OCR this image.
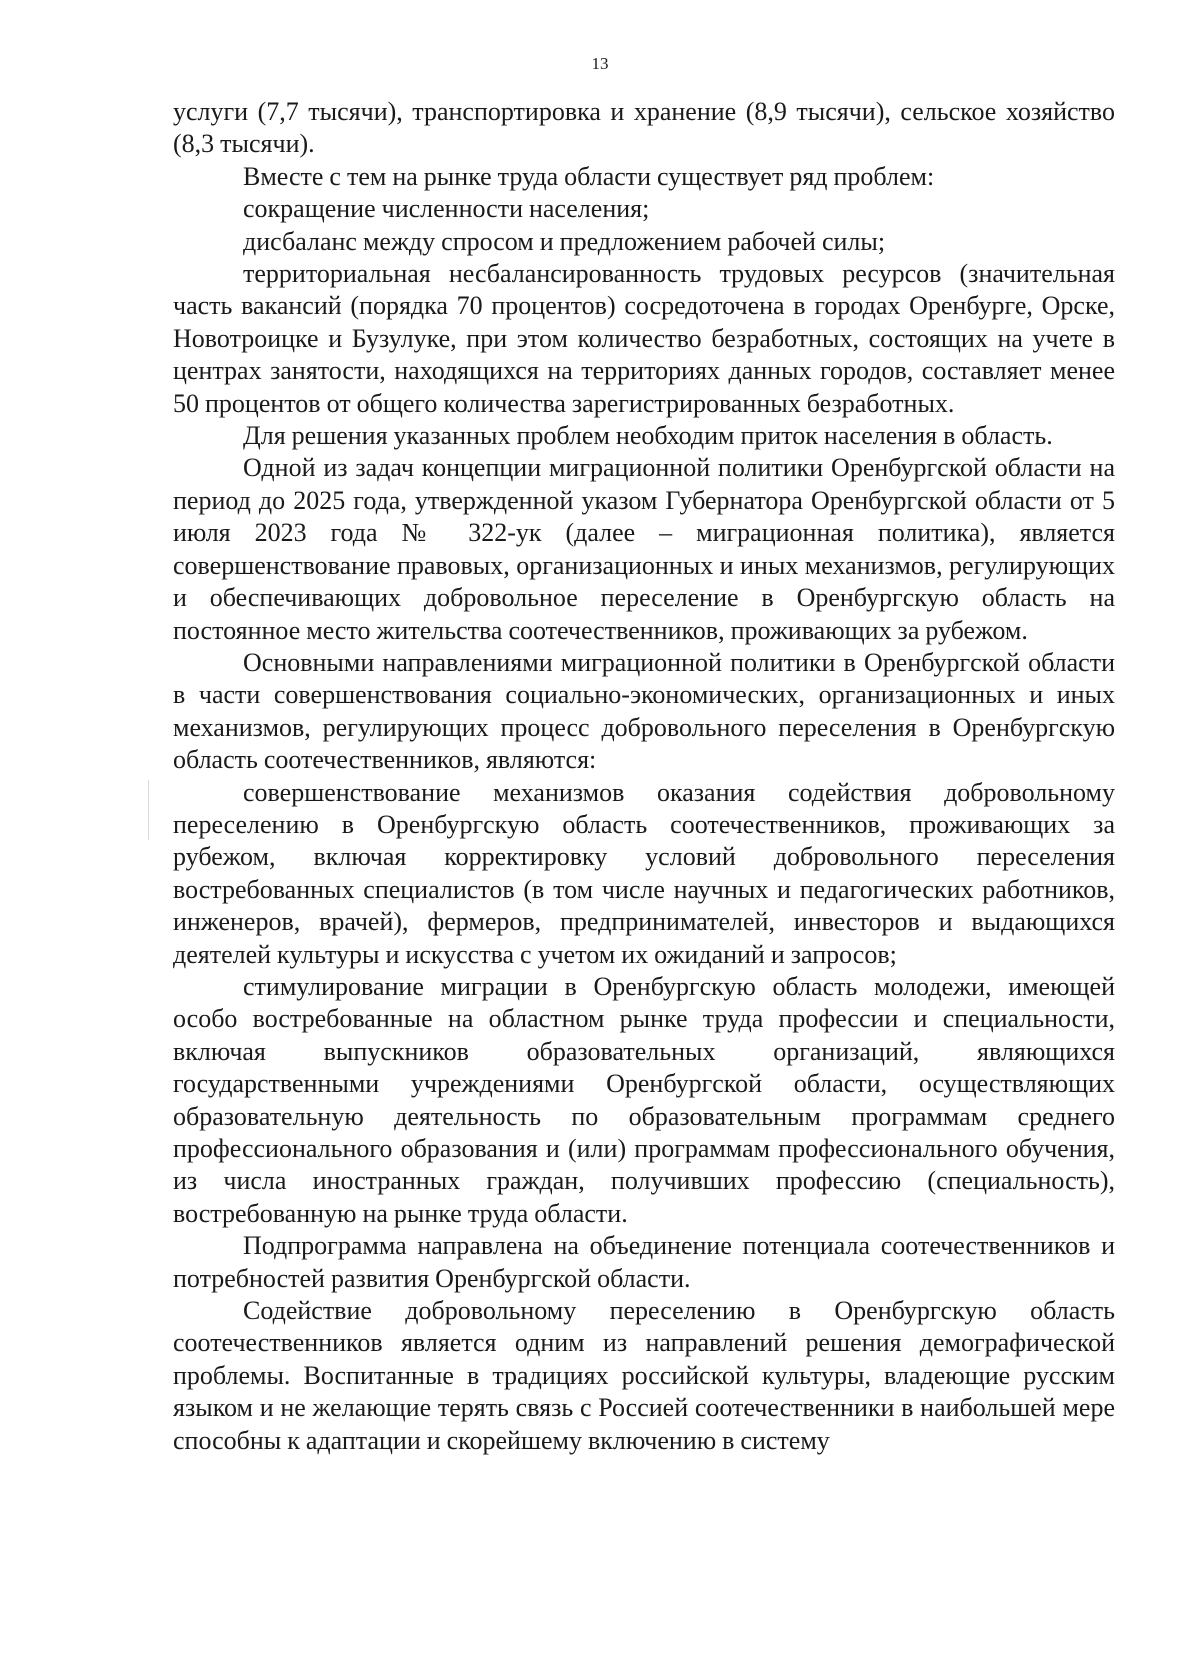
13

услуги (7,7 тысячи), транспортировка и хранение (8,9 тысячи), сельское хозяйство (8,3 тысячи).

Вместе с тем на рынке труда области существует ряд проблем:

сокращение численности населения;

дисбаланс между спросом и предложением рабочей силы;

территориальная несбалансированность трудовых ресурсов (значительная часть вакансий (порядка 70 процентов) сосредоточена в городах Оренбурге, Орске, Новотроицке и Бузулуке, при этом количество безработных, состоящих на учете в центрах занятости, находящихся на территориях данных городов, составляет менее 50 процентов от общего количества зарегистрированных безработных.

Для решения указанных проблем необходим приток населения в область.

Одной из задач концепции миграционной политики Оренбургской области на период до 2025 года, утвержденной указом Губернатора Оренбургской области от 5 июля 2023 года № 322-ук (далее – миграционная политика), является совершенствование правовых, организационных и иных механизмов, регулирующих и обеспечивающих добровольное переселение в Оренбургскую область на постоянное место жительства соотечественников, проживающих за рубежом.

Основными направлениями миграционной политики в Оренбургской области в части совершенствования социально-экономических, организационных и иных механизмов, регулирующих процесс добровольного переселения в Оренбургскую область соотечественников, являются:

совершенствование механизмов оказания содействия добровольному переселению в Оренбургскую область соотечественников, проживающих за рубежом, включая корректировку условий добровольного переселения востребованных специалистов (в том числе научных и педагогических работников, инженеров, врачей), фермеров, предпринимателей, инвесторов и выдающихся деятелей культуры и искусства с учетом их ожиданий и запросов;

стимулирование миграции в Оренбургскую область молодежи, имеющей особо востребованные на областном рынке труда профессии и специальности, включая выпускников образовательных организаций, являющихся государственными учреждениями Оренбургской области, осуществляющих образовательную деятельность по образовательным программам среднего профессионального образования и (или) программам профессионального обучения, из числа иностранных граждан, получивших профессию (специальность), востребованную на рынке труда области.

Подпрограмма направлена на объединение потенциала соотечественников и потребностей развития Оренбургской области.

Содействие добровольному переселению в Оренбургскую область соотечественников является одним из направлений решения демографической проблемы. Воспитанные в традициях российской культуры, владеющие русским языком и не желающие терять связь с Россией соотечественники в наибольшей мере способны к адаптации и скорейшему включению в систему
